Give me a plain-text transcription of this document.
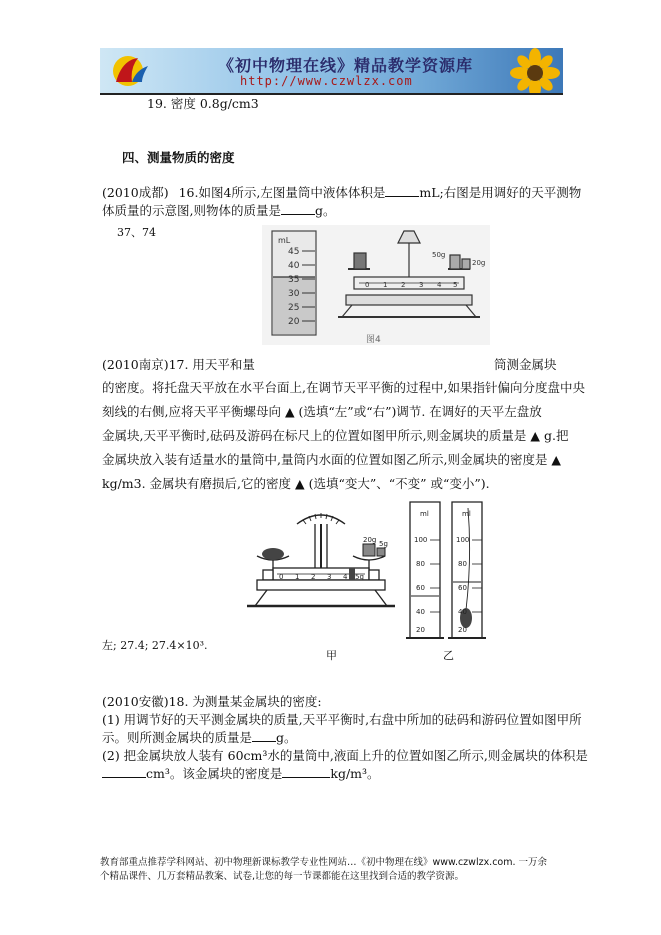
《初中物理在线》精品教学资源库
http://www.czwlzx.com
19. 密度 0.8g/cm3
四、测量物质的密度
(2010成都) 16.如图4所示,左图量筒中液体体积是	mL;右图是用调好的天平测物
体质量的示意图,则物体的质量是	g。
37、74
mL
45
40
35
30
25
20
50g
20g
0 1 2 3 4 5
图4
(2010南京)17. 用天平和量	筒测金属块
的密度。将托盘天平放在水平台面上,在调节天平平衡的过程中,如果指针偏向分度盘中央
刻线的右侧,应将天平平衡螺母向 ▲ (选填“左”或“右”)调节. 在调好的天平左盘放
金属块,天平平衡时,砝码及游码在标尺上的位置如图甲所示,则金属块的质量是 ▲ g.把
金属块放入装有适量水的量筒中,量筒内水面的位置如图乙所示,则金属块的密度是 ▲
kg/m3. 金属块有磨损后,它的密度 ▲ (选填“变大”、“不变” 或“变小”).
20g 5g
0 1 2 3 4 5g
ml	ml
100
80
60
40
20
100
80
60
40
20
左; 27.4; 27.4×10³.
甲	乙
(2010安徽)18. 为测量某金属块的密度:
(1) 用调节好的天平测金属块的质量,天平平衡时,右盘中所加的砝码和游码位置如图甲所
示。则所测金属块的质量是 g。
(2) 把金属块放人装有 60cm³水的量筒中,液面上升的位置如图乙所示,则金属块的体积是
cm³。该金属块的密度是	kg/m³。
教育部重点推荐学科网站、初中物理新课标教学专业性网站…《初中物理在线》www.czwlzx.com. 一万余
个精品课件、几万套精品教案、试卷,让您的每一节课都能在这里找到合适的教学资源。
